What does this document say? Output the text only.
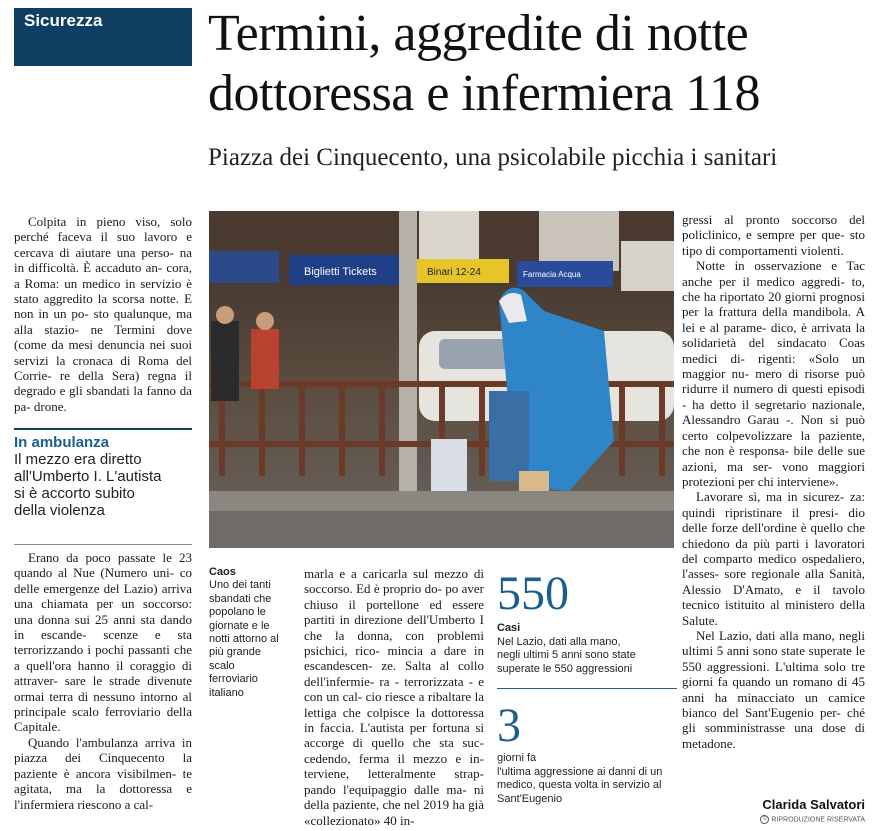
Sicurezza	Termini, aggredite di notte
dottoressa e infermiera 118
Piazza dei Cinquecento, una psicolabile picchia i sanitari

Colpita in pieno viso, solo perché faceva il suo lavoro e cercava di aiutare una perso- na in difficoltà. È accaduto an- cora, a Roma: un medico in servizio è stato aggredito la scorsa notte. E non in un po- sto qualunque, ma alla stazio- ne Termini dove (come da mesi denuncia nei suoi servizi la cronaca di Roma del Corrie- re della Sera) regna il degrado e gli sbandati la fanno da pa- drone.

In ambulanza

Il mezzo era diretto
all'Umberto I. L'autista
si è accorto subito
della violenza

Erano da poco passate le 23 quando al Nue (Numero uni- co delle emergenze del Lazio) arriva una chiamata per un soccorso: una donna sui 25 anni sta dando in escande- scenze e sta terrorizzando i pochi passanti che a quell'ora hanno il coraggio di attraver- sare le strade divenute ormai terra di nessuno intorno al principale scalo ferroviario della Capitale.

Quando l'ambulanza arriva in piazza dei Cinquecento la paziente è ancora visibilmen- te agitata, ma la dottoressa e l'infermiera riescono a cal-

Biglietti Tickets	Binari 12-24	Farmacia Acqua
Caos
Uno dei tanti
sbandati che
popolano le
giornate e le
notti attorno al
più grande
scalo
ferroviario
italiano

marla e a caricarla sul mezzo di soccorso. Ed è proprio do- po aver chiuso il portellone ed essere partiti in direzione dell'Umberto I che la donna, con problemi psichici, rico- mincia a dare in escandescen- ze. Salta al collo dell'infermie- ra - terrorizzata - e con un cal- cio riesce a ribaltare la lettiga che colpisce la dottoressa in faccia. L'autista per fortuna si accorge di quello che sta suc- cedendo, ferma il mezzo e in- terviene, letteralmente strap- pando l'equipaggio dalle ma- ni della paziente, che nel 2019 ha già «collezionato» 40 in-

550
Casi
Nel Lazio, dati alla mano,
negli ultimi 5 anni sono state
superate le 550 aggressioni
3
giorni fa
l'ultima aggressione ai danni di un
medico, questa volta in servizio al
Sant'Eugenio

gressi al pronto soccorso del policlinico, e sempre per que- sto tipo di comportamenti violenti.

Notte in osservazione e Tac anche per il medico aggredi- to, che ha riportato 20 giorni prognosi per la frattura della mandibola. A lei e al parame- dico, è arrivata la solidarietà del sindacato Coas medici di- rigenti: «Solo un maggior nu- mero di risorse può ridurre il numero di questi episodi - ha detto il segretario nazionale, Alessandro Garau -. Non si può certo colpevolizzare la paziente, che non è responsa- bile delle sue azioni, ma ser- vono maggiori protezioni per chi interviene».

Lavorare sì, ma in sicurez- za: quindi ripristinare il presi- dio delle forze dell'ordine è quello che chiedono da più parti i lavoratori del comparto medico ospedaliero, l'asses- sore regionale alla Sanità, Alessio D'Amato, e il tavolo tecnico istituito al ministero della Salute.

Nel Lazio, dati alla mano, negli ultimi 5 anni sono state superate le 550 aggressioni. L'ultima solo tre giorni fa quando un romano di 45 anni ha minacciato un camice bianco del Sant'Eugenio per- ché gli somministrasse una dose di metadone.

Clarida Salvatori
© RIPRODUZIONE RISERVATA
